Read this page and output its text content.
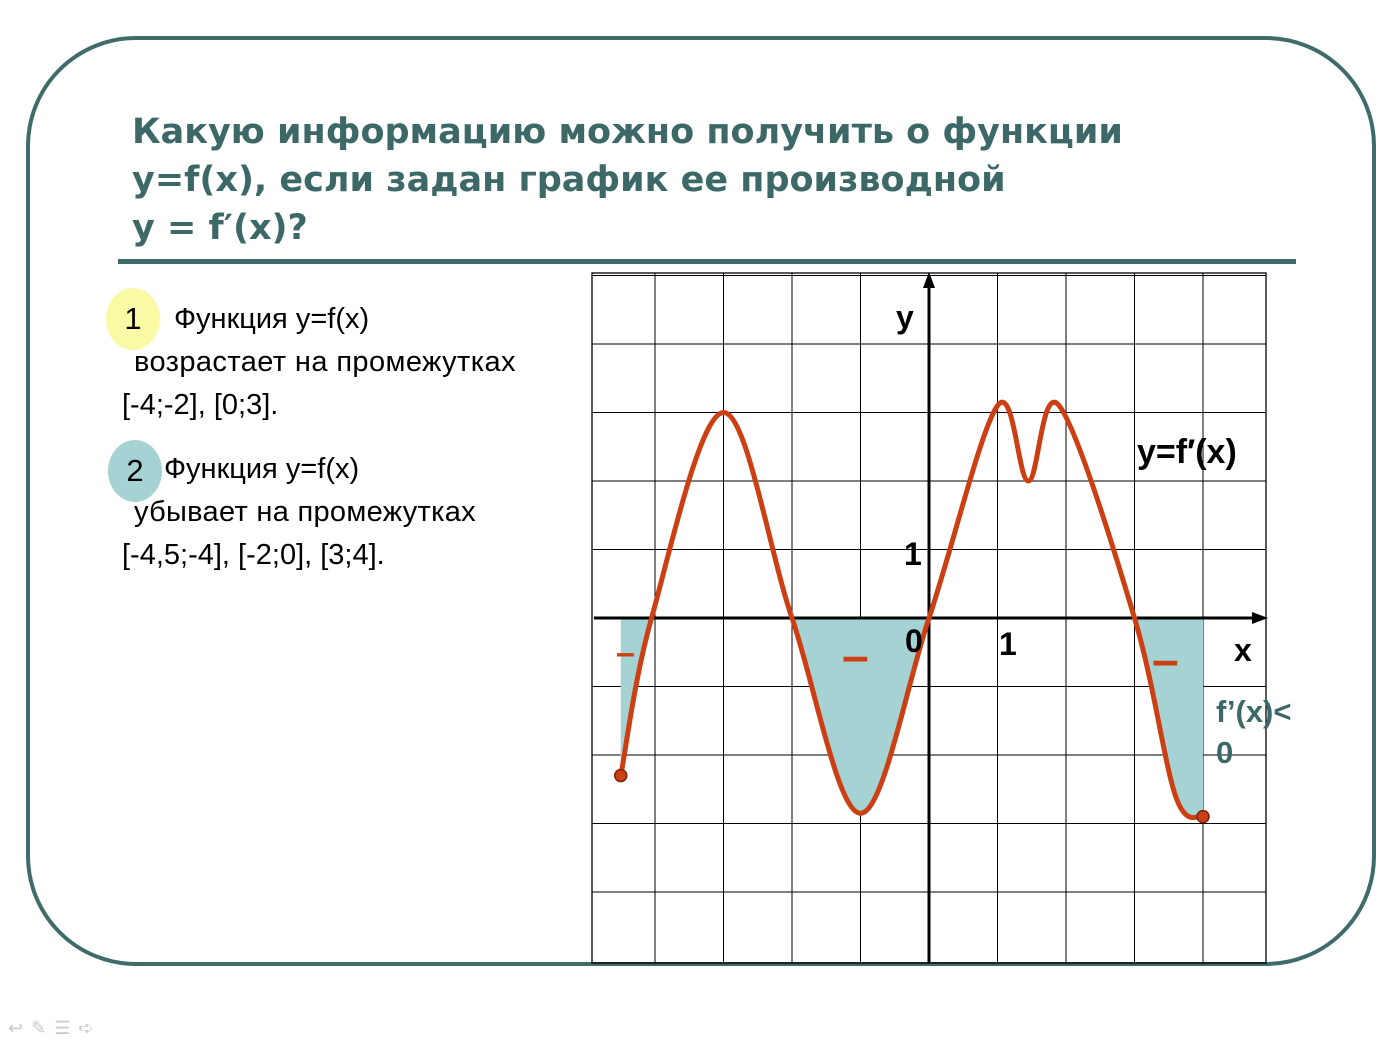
Какую информацию можно получить о функции
y=f(x), если задан график ее производной
y = f′(x)?
1	Функция y=f(x)
возрастает на промежутках
[-4;-2], [0;3].
2 Функция y=f(x)
убывает на промежутках
[-4,5;-4], [-2;0], [3;4].
y
x
0 1
1
y=f′(x)
–	–	–
f’(x)<
0
↩✎☰➪
